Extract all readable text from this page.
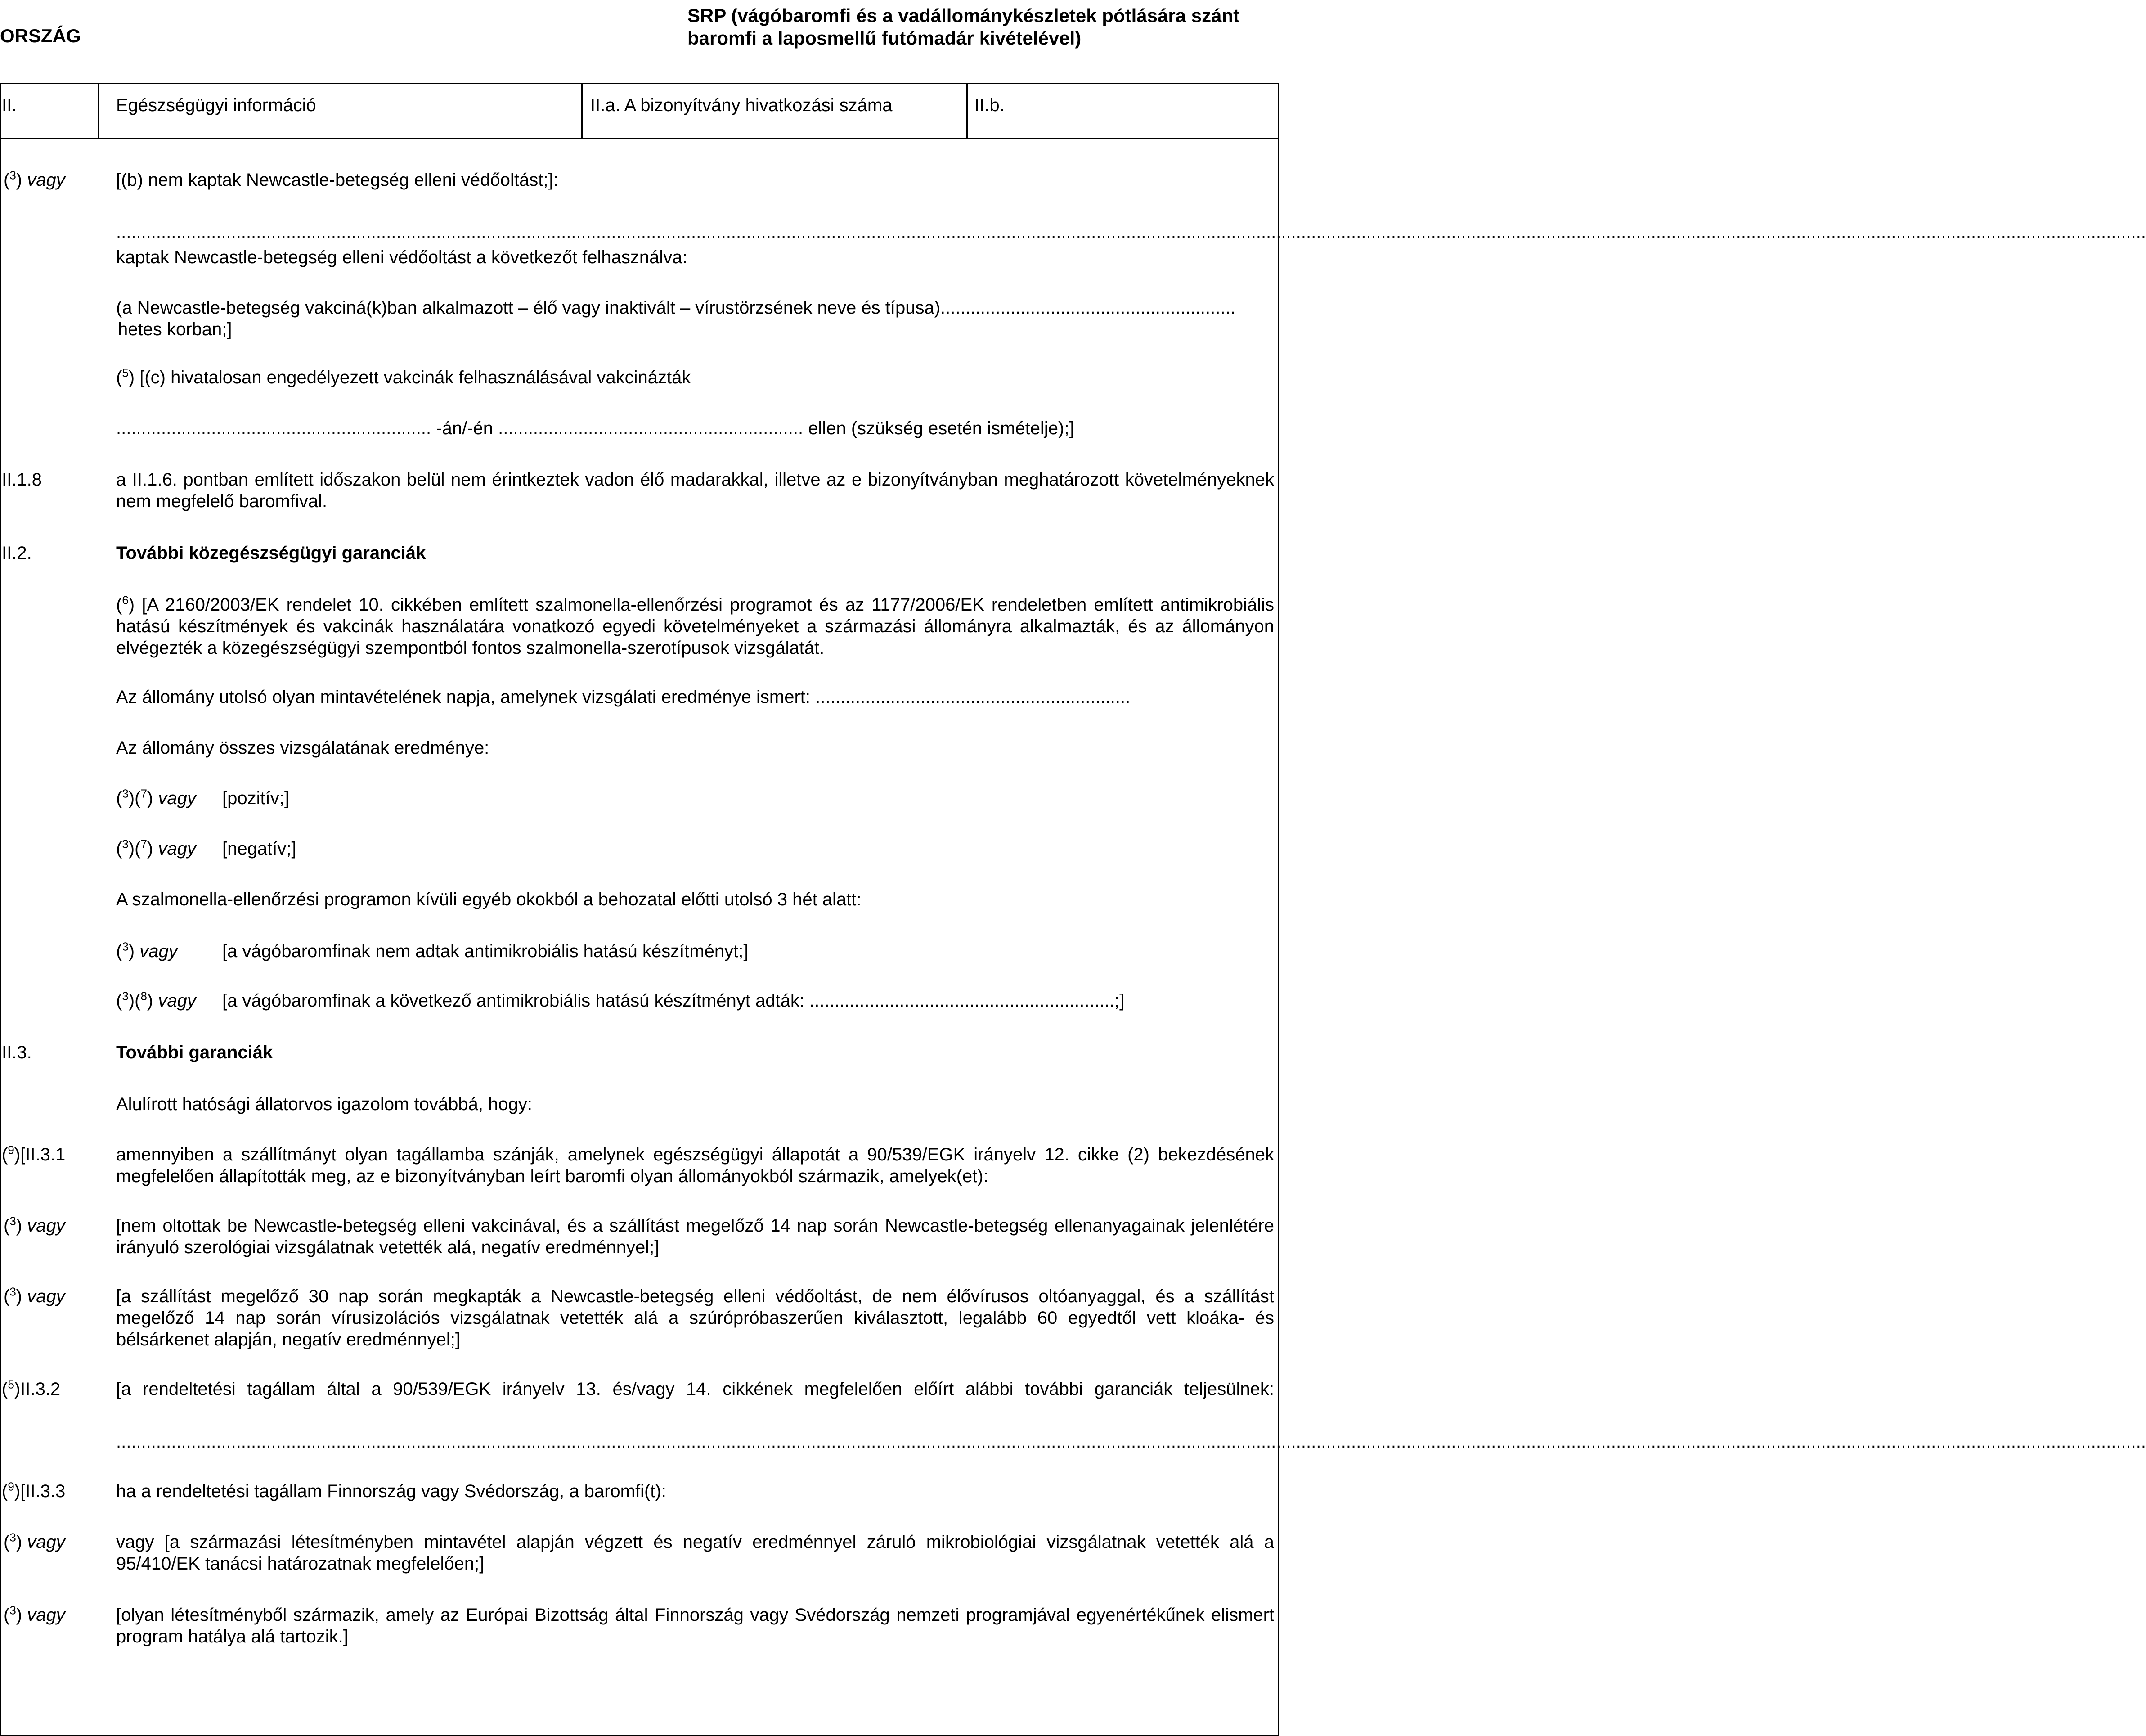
ORSZÁG
SRP (vágóbaromfi és a vadállománykészletek pótlására szánt baromfi a laposmellű futómadár kivételével)
II.	Egészségügyi információ	II.a. A bizonyítvány hivatkozási száma	II.b.
($^3$) vagy	[(b) nem kaptak Newcastle-betegség elleni védőoltást;]:
......................................................................................................................................................................................................................................................................................................................................................................................................................
kaptak Newcastle-betegség elleni védőoltást a következőt felhasználva:
(a Newcastle-betegség vakciná(k)ban alkalmazott – élő vagy inaktivált – vírustörzsének neve és típusa)...........................................................
hetes korban;]
($^5$) [(c) hivatalosan engedélyezett vakcinák felhasználásával vakcinázták
............................................................... -án/-én ............................................................. ellen (szükség esetén ismételje);]
II.1.8	a II.1.6. pontban említett időszakon belül nem érintkeztek vadon élő madarakkal, illetve az e bizonyítványban meghatározott követelményeknek nem megfelelő baromfival.
II.2.	További közegészségügyi garanciák
($^6$) [A 2160/2003/EK rendelet 10. cikkében említett szalmonella-ellenőrzési programot és az 1177/2006/EK rendeletben említett antimikrobiális hatású készítmények és vakcinák használatára vonatkozó egyedi követelményeket a származási állományra alkalmazták, és az állományon elvégezték a közegészségügyi szempontból fontos szalmonella-szerotípusok vizsgálatát.
Az állomány utolsó olyan mintavételének napja, amelynek vizsgálati eredménye ismert: ...............................................................
Az állomány összes vizsgálatának eredménye:
($^3$)($^7$) vagy [pozitív;]
($^3$)($^7$) vagy [negatív;]
A szalmonella-ellenőrzési programon kívüli egyéb okokból a behozatal előtti utolsó 3 hét alatt:
($^3$) vagy [a vágóbaromfinak nem adtak antimikrobiális hatású készítményt;]
($^3$)($^8$) vagy [a vágóbaromfinak a következő antimikrobiális hatású készítményt adták: .............................................................;]
II.3.	További garanciák
Alulírott hatósági állatorvos igazolom továbbá, hogy:
($^9$)[II.3.1	amennyiben a szállítmányt olyan tagállamba szánják, amelynek egészségügyi állapotát a 90/539/EGK irányelv 12. cikke (2) bekezdésének megfelelően állapították meg, az e bizonyítványban leírt baromfi olyan állományokból származik, amelyek(et):
($^3$) vagy	[nem oltottak be Newcastle-betegség elleni vakcinával, és a szállítást megelőző 14 nap során Newcastle-betegség ellenanyagainak jelenlétére irányuló szerológiai vizsgálatnak vetették alá, negatív eredménnyel;]
($^3$) vagy	[a szállítást megelőző 30 nap során megkapták a Newcastle-betegség elleni védőoltást, de nem élővírusos oltóanyaggal, és a szállítást megelőző 14 nap során vírusizolációs vizsgálatnak vetették alá a szúrópróbaszerűen kiválasztott, legalább 60 egyedtől vett kloáka- és bélsárkenet alapján, negatív eredménnyel;]
($^5$)II.3.2	[a rendeltetési tagállam által a 90/539/EGK irányelv 13. és/vagy 14. cikkének megfelelően előírt alábbi további garanciák teljesülnek:
......................................................................................................................................................................................................................................................................................................................................................................................................................
($^9$)[II.3.3	ha a rendeltetési tagállam Finnország vagy Svédország, a baromfi(t):
($^3$) vagy	vagy [a származási létesítményben mintavétel alapján végzett és negatív eredménnyel záruló mikrobiológiai vizsgálatnak vetették alá a 95/410/EK tanácsi határozatnak megfelelően;]
($^3$) vagy	[olyan létesítményből származik, amely az Európai Bizottság által Finnország vagy Svédország nemzeti programjával egyenértékűnek elismert program hatálya alá tartozik.]
